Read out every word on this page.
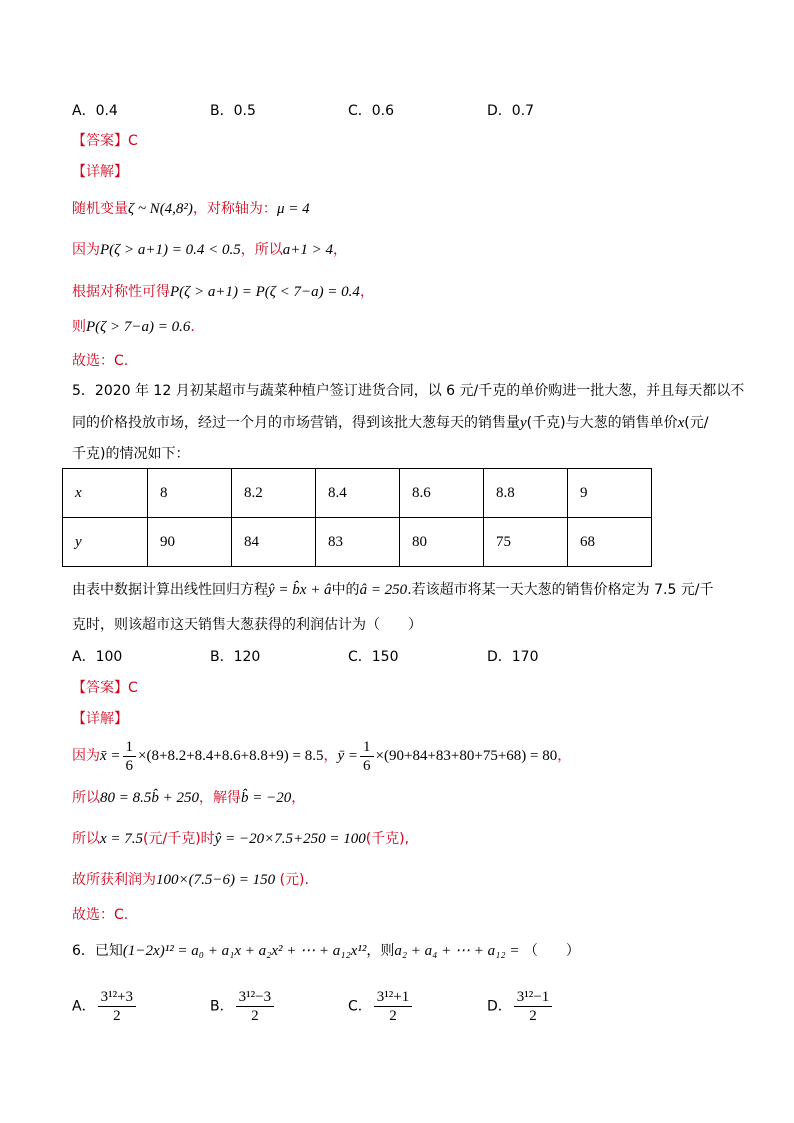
A．0.4	B．0.5	C．0.6	D．0.7
【答案】C
【详解】
随机变量ζ ~ N(4,8²)，对称轴为：μ = 4
因为P(ζ > a+1) = 0.4 < 0.5，所以a+1 > 4，
根据对称性可得P(ζ > a+1) = P(ζ < 7−a) = 0.4，
则P(ζ > 7−a) = 0.6.
故选：C.
5．2020 年 12 月初某超市与蔬菜种植户签订进货合同，以 6 元/千克的单价购进一批大葱，并且每天都以不
同的价格投放市场，经过一个月的市场营销，得到该批大葱每天的销售量y(千克)与大葱的销售单价x(元/
千克)的情况如下：
x	8	8.2	8.4	8.6	8.8	9
y	90	84	83	80	75	68
由表中数据计算出线性回归方程ŷ = b̂x + â中的â = 250.若该超市将某一天大葱的销售价格定为 7.5 元/千
克时，则该超市这天销售大葱获得的利润估计为（　　）
A．100	B．120	C．150	D．170
【答案】C
【详解】
因为x̄ = $\frac{1}{6} \times(8+8.2+8.4+8.6+8.8+9) = 8.5$，ȳ = $\frac{1}{6} \times(90+84+83+80+75+68) = 80$，
所以80 = 8.5b̂ + 250，解得b̂ = −20，
所以x = 7.5(元/千克)时ŷ = −20×7.5+250 = 100(千克),
故所获利润为100×(7.5−6) = 150 (元).
故选：C.
6．已知(1−2x)¹² = a₀ + a₁x + a₂x² + ⋯ + a₁₂x¹²，则a₂ + a₄ + ⋯ + a₁₂ = （　　）
A． $\frac{\text{3¹²+3}}{2}$	B． $\frac{\text{3¹²−3}}{2}$	C． $\frac{\text{3¹²+1}}{2}$	D． $\frac{\text{3¹²−1}}{2}$
